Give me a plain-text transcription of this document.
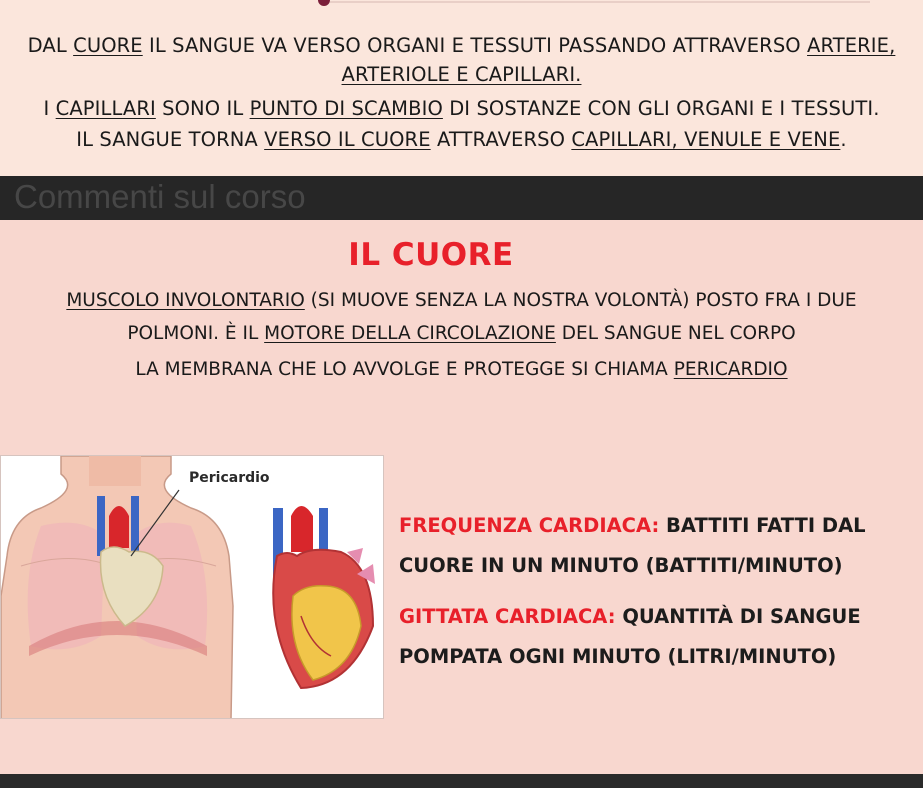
DAL CUORE IL SANGUE VA VERSO ORGANI E TESSUTI PASSANDO ATTRAVERSO ARTERIE,
ARTERIOLE E CAPILLARI.
I CAPILLARI SONO IL PUNTO DI SCAMBIO DI SOSTANZE CON GLI ORGANI E I TESSUTI.
IL SANGUE TORNA VERSO IL CUORE ATTRAVERSO CAPILLARI, VENULE E VENE.
Commenti sul corso
IL CUORE
MUSCOLO INVOLONTARIO (SI MUOVE SENZA LA NOSTRA VOLONTÀ) POSTO FRA I DUE
POLMONI. È IL MOTORE DELLA CIRCOLAZIONE DEL SANGUE NEL CORPO
LA MEMBRANA CHE LO AVVOLGE E PROTEGGE SI CHIAMA PERICARDIO
Pericardio
FREQUENZA CARDIACA: BATTITI FATTI DAL
CUORE IN UN MINUTO (BATTITI/MINUTO)
GITTATA CARDIACA: QUANTITÀ DI SANGUE
POMPATA OGNI MINUTO (LITRI/MINUTO)
